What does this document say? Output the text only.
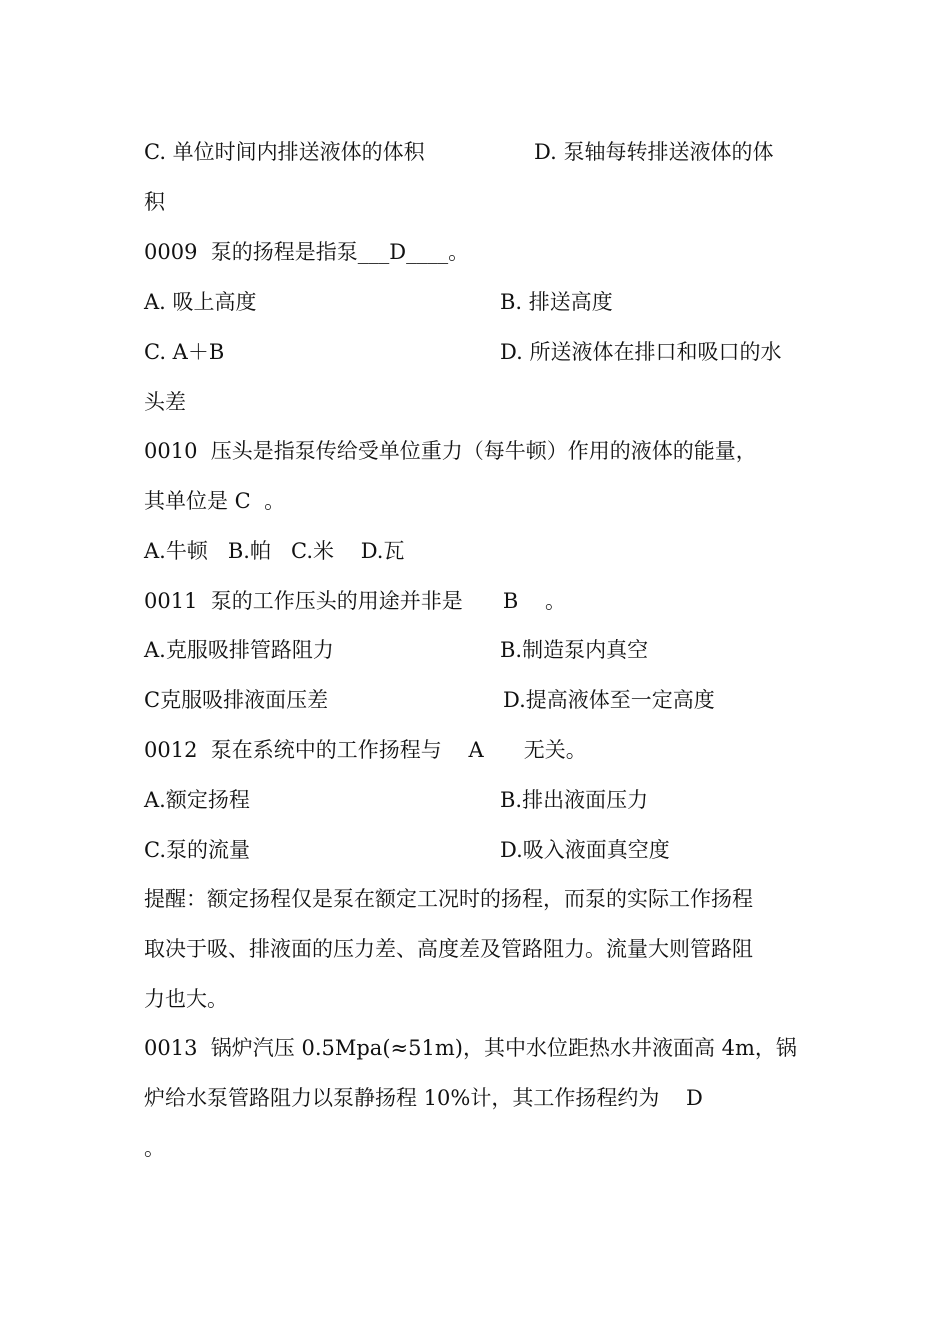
C. 单位时间内排送液体的体积	D. 泵轴每转排送液体的体
积
0009  泵的扬程是指泵___D____。
A. 吸上高度	B. 排送高度
C. A＋B	D. 所送液体在排口和吸口的水
头差
0010  压头是指泵传给受单位重力（每牛顿）作用的液体的能量，
其单位是 C  。
A.牛顿   B.帕   C.米    D.瓦
0011  泵的工作压头的用途并非是      B    。
A.克服吸排管路阻力	B.制造泵内真空
C克服吸排液面压差	D.提高液体至一定高度
0012  泵在系统中的工作扬程与    A      无关。
A.额定扬程	B.排出液面压力
C.泵的流量	D.吸入液面真空度
提醒：额定扬程仅是泵在额定工况时的扬程，而泵的实际工作扬程
取决于吸、排液面的压力差、高度差及管路阻力。流量大则管路阻
力也大。
0013  锅炉汽压 0.5Mpa(≈51m)，其中水位距热水井液面高 4m，锅
炉给水泵管路阻力以泵静扬程 10%计，其工作扬程约为    D
。
